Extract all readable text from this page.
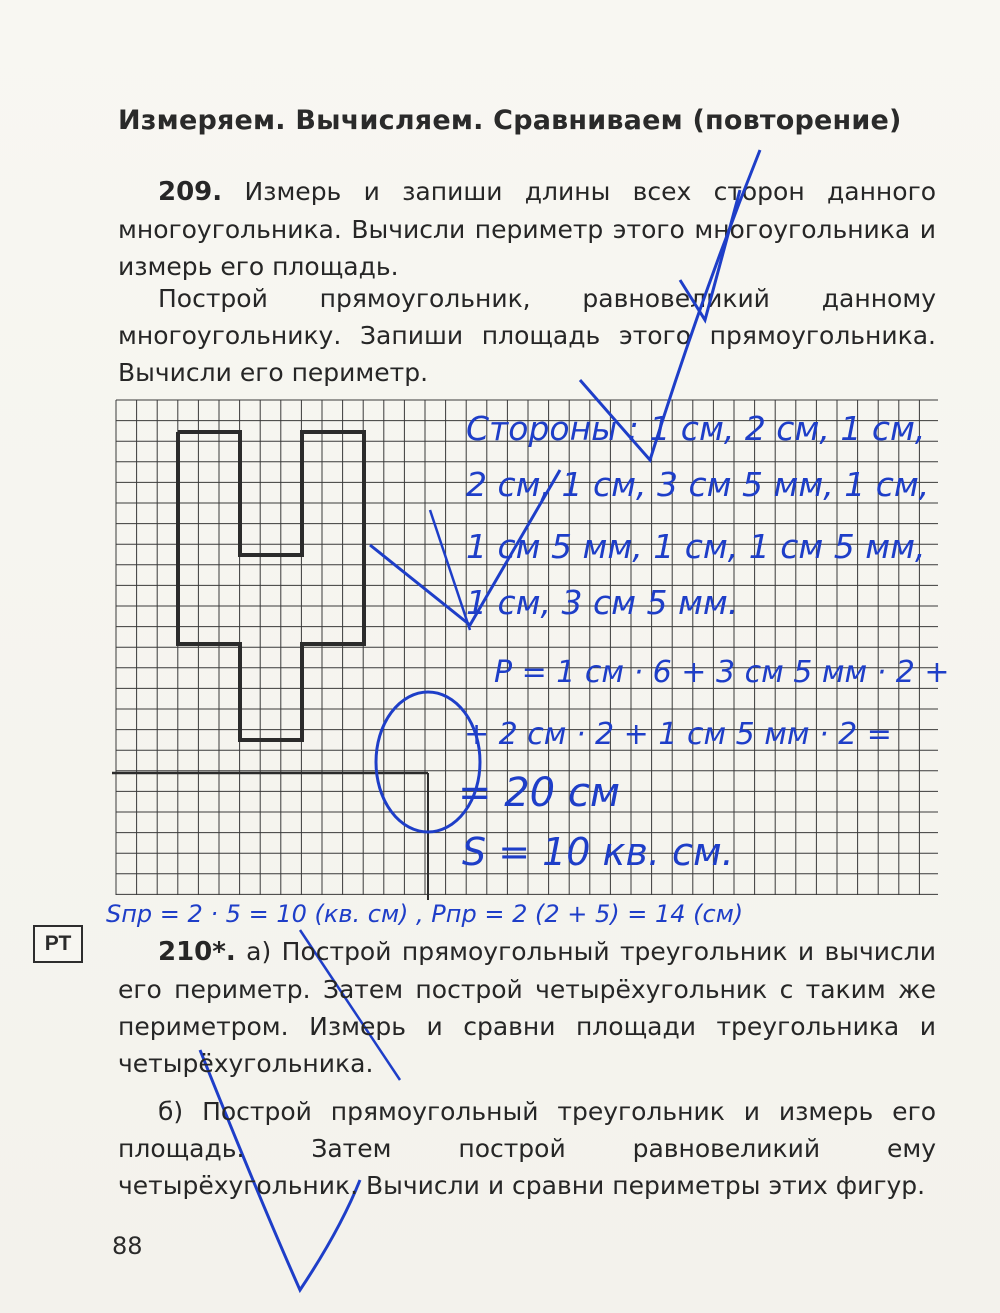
Измеряем. Вычисляем. Сравниваем (повторение)
209. Измерь и запиши длины всех сторон данного многоугольника. Вычисли периметр этого многоугольника и измерь его площадь.
Построй прямоугольник, равновеликий данному многоугольнику. Запиши площадь этого прямоугольника. Вычисли его периметр.
Стороны : 1 см, 2 см, 1 см,
2 см, 1 см, 3 см 5 мм, 1 см,
1 см 5 мм, 1 см, 1 см 5 мм,
1 см, 3 см 5 мм.
P = 1 см · 6 + 3 см 5 мм · 2 +
+ 2 см · 2 + 1 см 5 мм · 2 =
= 20 см
S = 10 кв. см.
Sпр = 2 · 5 = 10 (кв. см) , Pпр = 2 (2 + 5) = 14 (см)
РТ	210*. а) Построй прямоугольный треугольник и вычисли его периметр. Затем построй четырёхугольник с таким же периметром. Измерь и сравни площади треугольника и четырёхугольника.
б) Построй прямоугольный треугольник и измерь его площадь. Затем построй равновеликий ему четырёхугольник. Вычисли и сравни периметры этих фигур.
88
